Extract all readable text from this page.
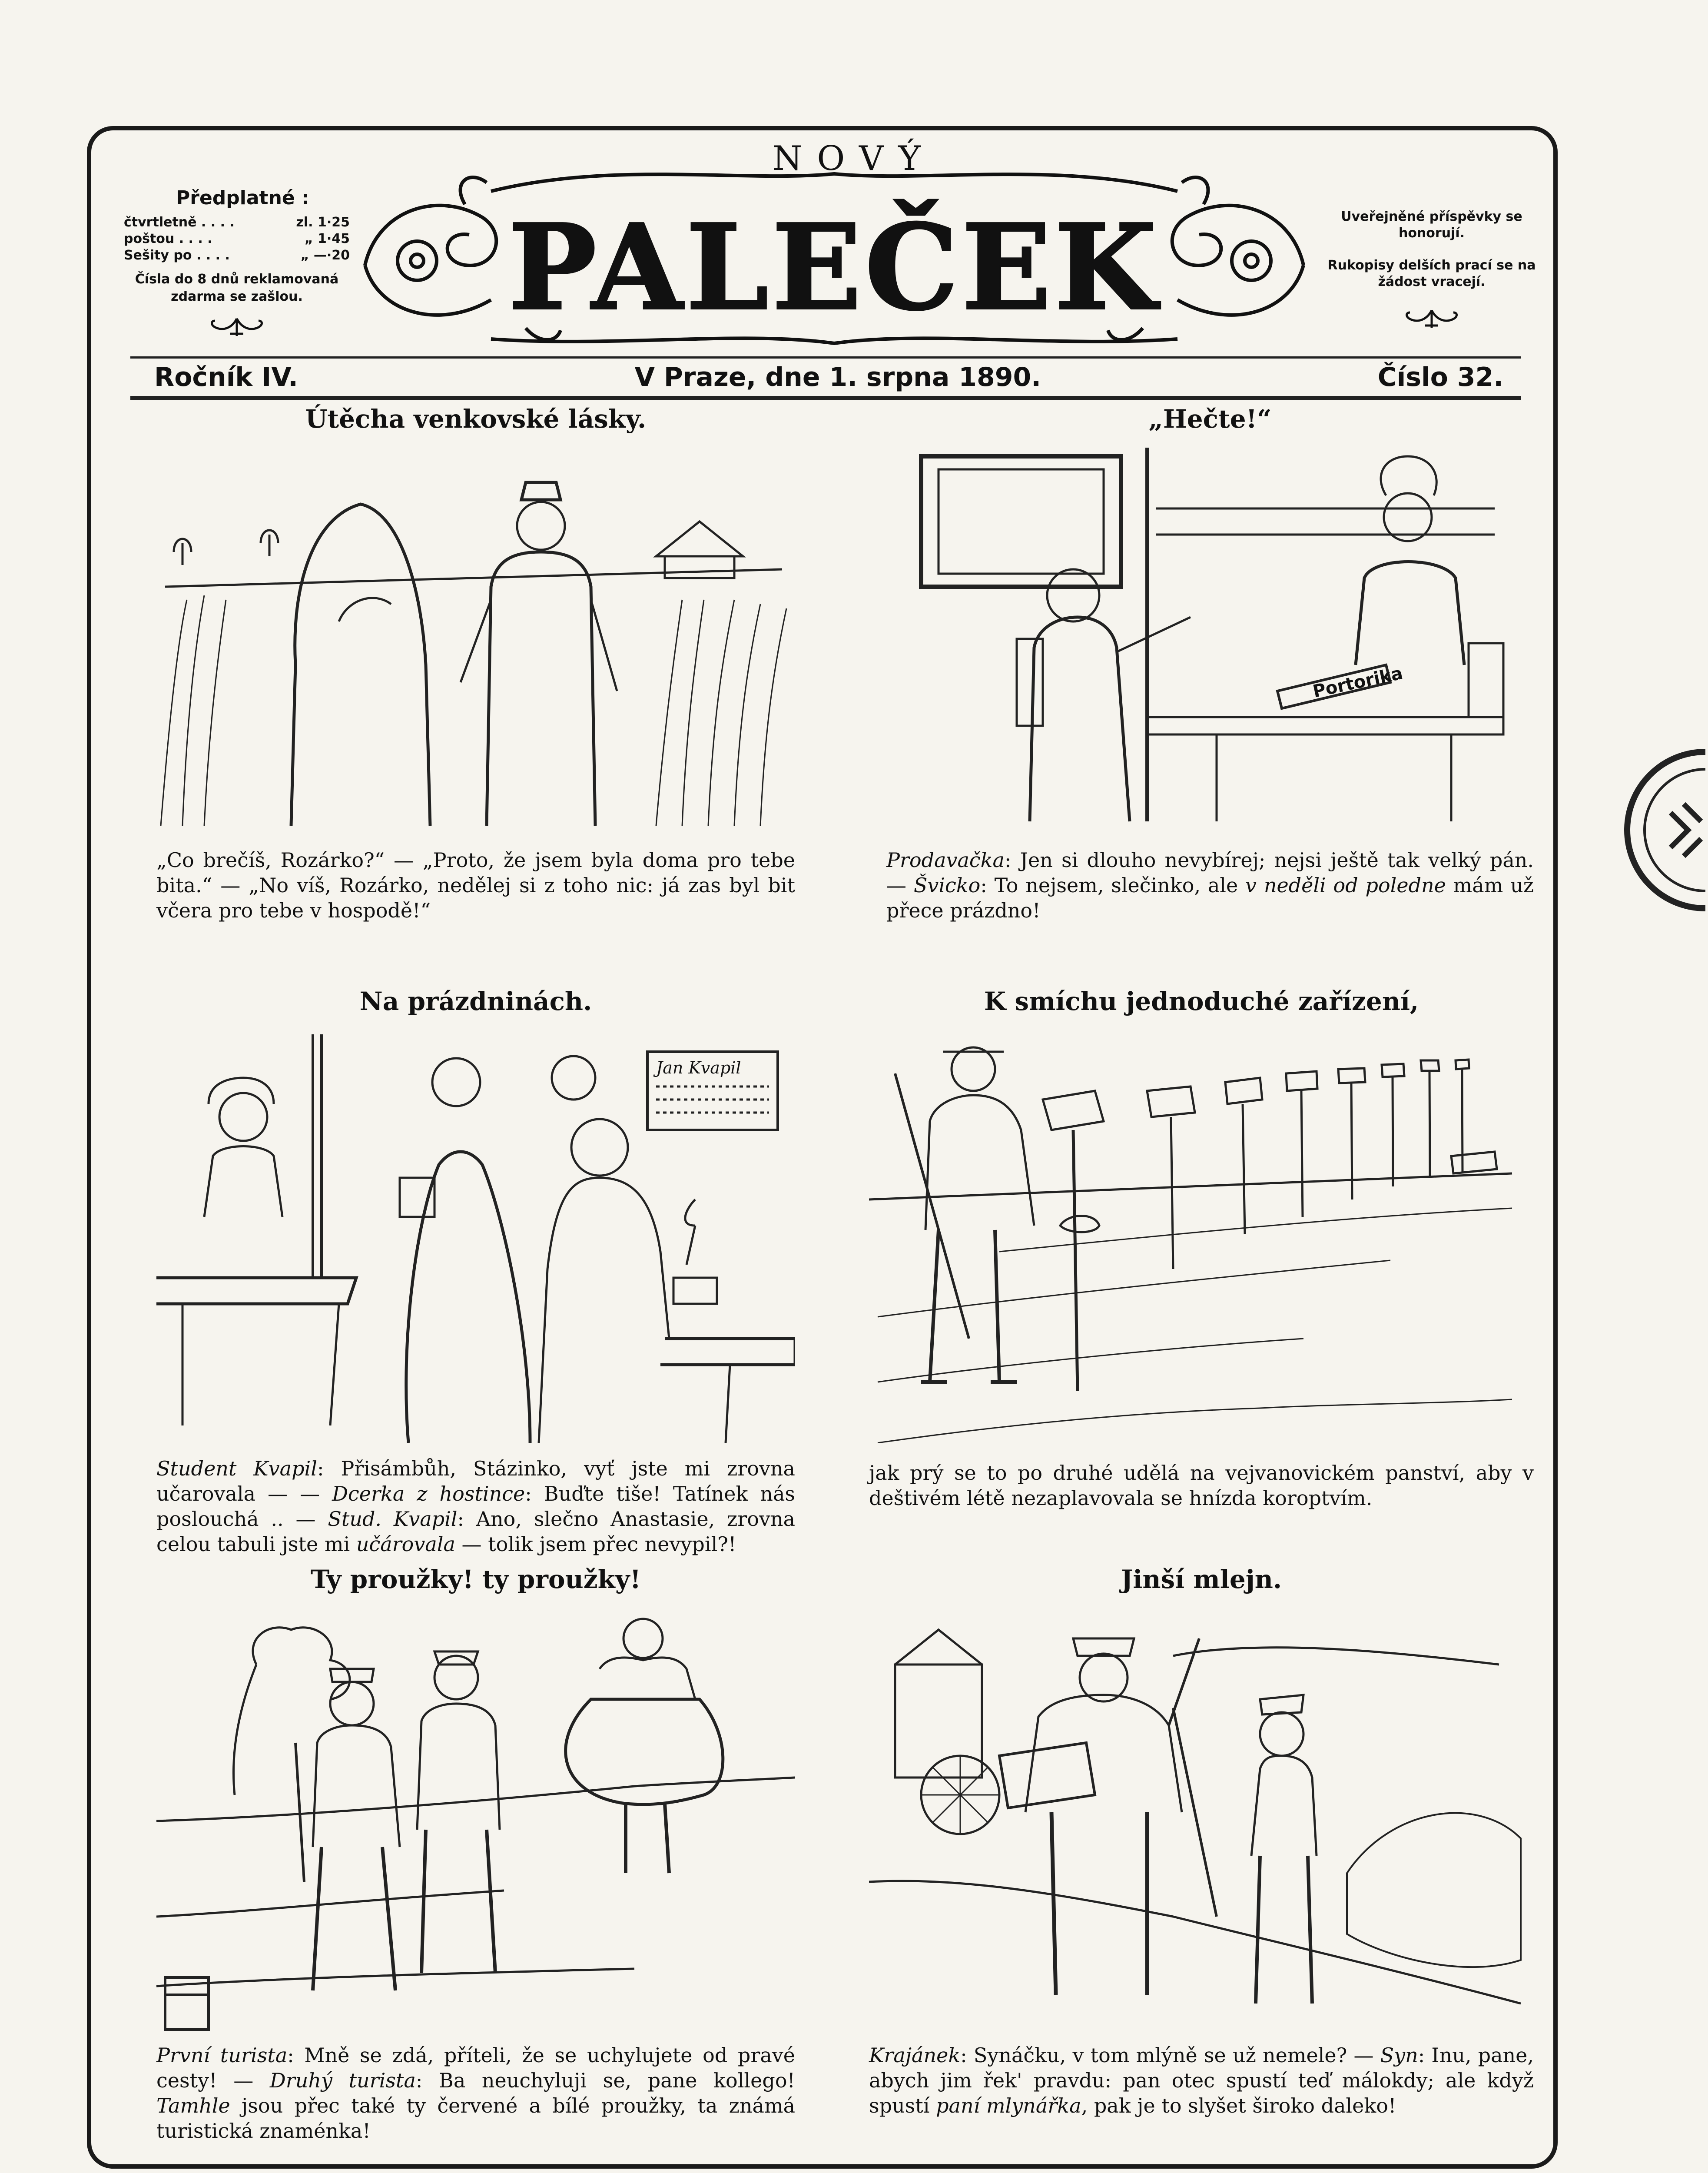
Předplatné :
čtvrtletně . . . .	zl. 1·25
poštou . . . .	„ 1·45
Sešity po . . . .	„ —·20
Čísla do 8 dnů reklamovaná zdarma se zašlou.

Uveřejněné příspěvky se honorují.

Rukopisy delších prací se na žádost vracejí.

NOVÝ
PALEČEK
Ročník IV.	V Praze, dne 1. srpna 1890.	Číslo 32.
Útěcha venkovské lásky.
„Co brečíš, Rozárko?“ — „Proto, že jsem byla doma pro tebe bita.“ — „No víš, Rozárko, nedělej si z toho nic: já zas byl bit včera pro tebe v hospodě!“
„Hečte!“
Portorika
Prodavačka: Jen si dlouho nevybírej; nejsi ještě tak velký pán. — Švicko: To nejsem, slečinko, ale v neděli od poledne mám už přece prázdno!
Na prázdninách.
Jan Kvapil
Student Kvapil: Přisámbůh, Stázinko, vyť jste mi zrovna učarovala — — Dcerka z hostince: Buďte tiše! Tatínek nás poslouchá .. — Stud. Kvapil: Ano, slečno Anastasie, zrovna celou tabuli jste mi učárovala — tolik jsem přec nevypil?!
K smíchu jednoduché zařízení,
jak prý se to po druhé udělá na vejvanovickém panství, aby v deštivém létě nezaplavovala se hnízda koroptvím.
Ty proužky! ty proužky!
První turista: Mně se zdá, příteli, že se uchylujete od pravé cesty! — Druhý turista: Ba neuchyluji se, pane kollego! Tamhle jsou přec také ty červené a bílé proužky, ta známá turistická znaménka!
Jinší mlejn.
Krajánek: Synáčku, v tom mlýně se už nemele? — Syn: Inu, pane, abych jim řek' pravdu: pan otec spustí teď málokdy; ale když spustí paní mlynářka, pak je to slyšet široko daleko!
